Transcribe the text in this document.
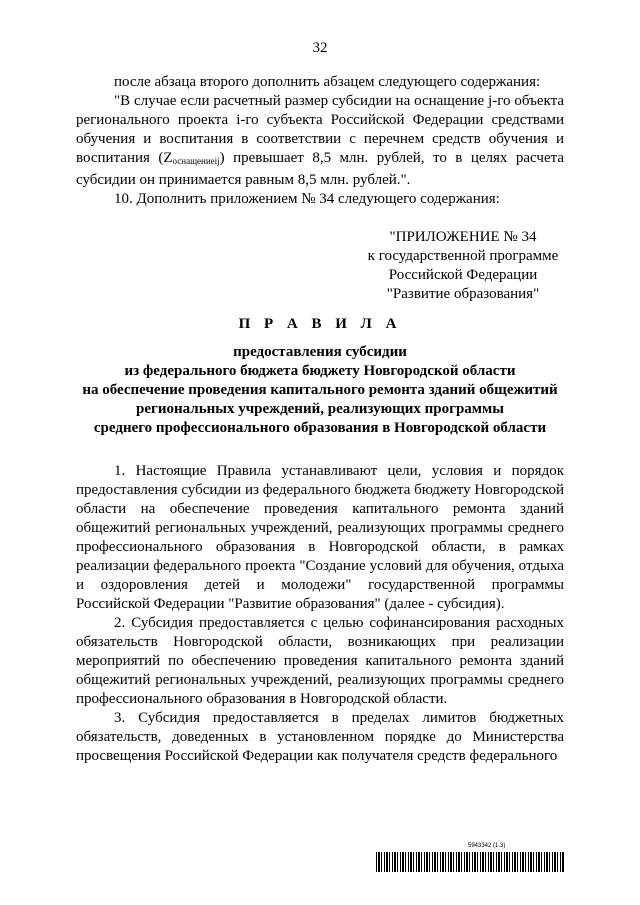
32

после абзаца второго дополнить абзацем следующего содержания:

"В случае если расчетный размер субсидии на оснащение j-го объекта регионального проекта i-го субъекта Российской Федерации средствами обучения и воспитания в соответствии с перечнем средств обучения и воспитания $(Z_{оснащениеij})$ превышает 8,5 млн. рублей, то в целях расчета субсидии он принимается равным 8,5 млн. рублей.".

10. Дополнить приложением № 34 следующего содержания:

"ПРИЛОЖЕНИЕ № 34
к государственной программе
Российской Федерации
"Развитие образования"
П Р А В И Л А
предоставления субсидии
из федерального бюджета бюджету Новгородской области
на обеспечение проведения капитального ремонта зданий общежитий
региональных учреждений, реализующих программы
среднего профессионального образования в Новгородской области

1. Настоящие Правила устанавливают цели, условия и порядок предоставления субсидии из федерального бюджета бюджету Новгородской области на обеспечение проведения капитального ремонта зданий общежитий региональных учреждений, реализующих программы среднего профессионального образования в Новгородской области, в рамках реализации федерального проекта "Создание условий для обучения, отдыха и оздоровления детей и молодежи" государственной программы Российской Федерации "Развитие образования" (далее - субсидия).

2. Субсидия предоставляется с целью софинансирования расходных обязательств Новгородской области, возникающих при реализации мероприятий по обеспечению проведения капитального ремонта зданий общежитий региональных учреждений, реализующих программы среднего профессионального образования в Новгородской области.

3. Субсидия предоставляется в пределах лимитов бюджетных обязательств, доведенных в установленном порядке до Министерства просвещения Российской Федерации как получателя средств федерального

5943342 (1.3)
